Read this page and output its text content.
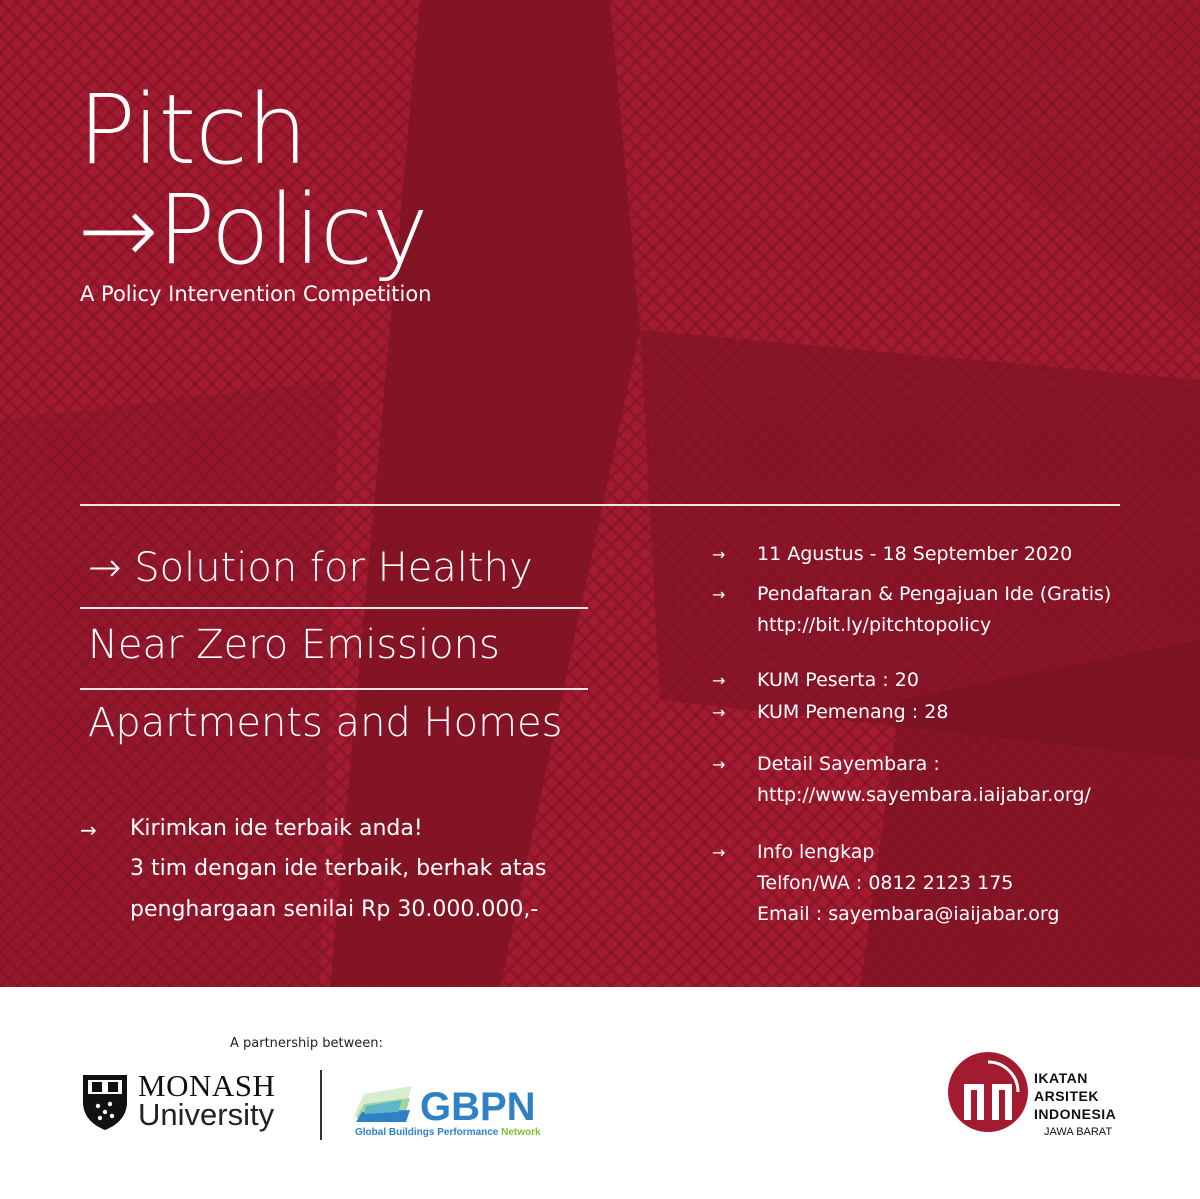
Pitch
→Policy
A Policy Intervention Competition
→ Solution for Healthy
Near Zero Emissions
Apartments and Homes
→ Kirimkan ide terbaik anda!
3 tim dengan ide terbaik, berhak atas
penghargaan senilai Rp 30.000.000,-
→ 11 Agustus - 18 September 2020
→ Pendaftaran & Pengajuan Ide (Gratis)
http://bit.ly/pitchtopolicy
→ KUM Peserta : 20
→ KUM Pemenang : 28
→ Detail Sayembara :
http://www.sayembara.iaijabar.org/
→ Info lengkap
Telfon/WA : 0812 2123 175
Email : sayembara@iaijabar.org
A partnership between:
MONASH
University	GBPN
Global Buildings Performance Network
IKATAN
ARSITEK
INDONESIA
JAWA BARAT
